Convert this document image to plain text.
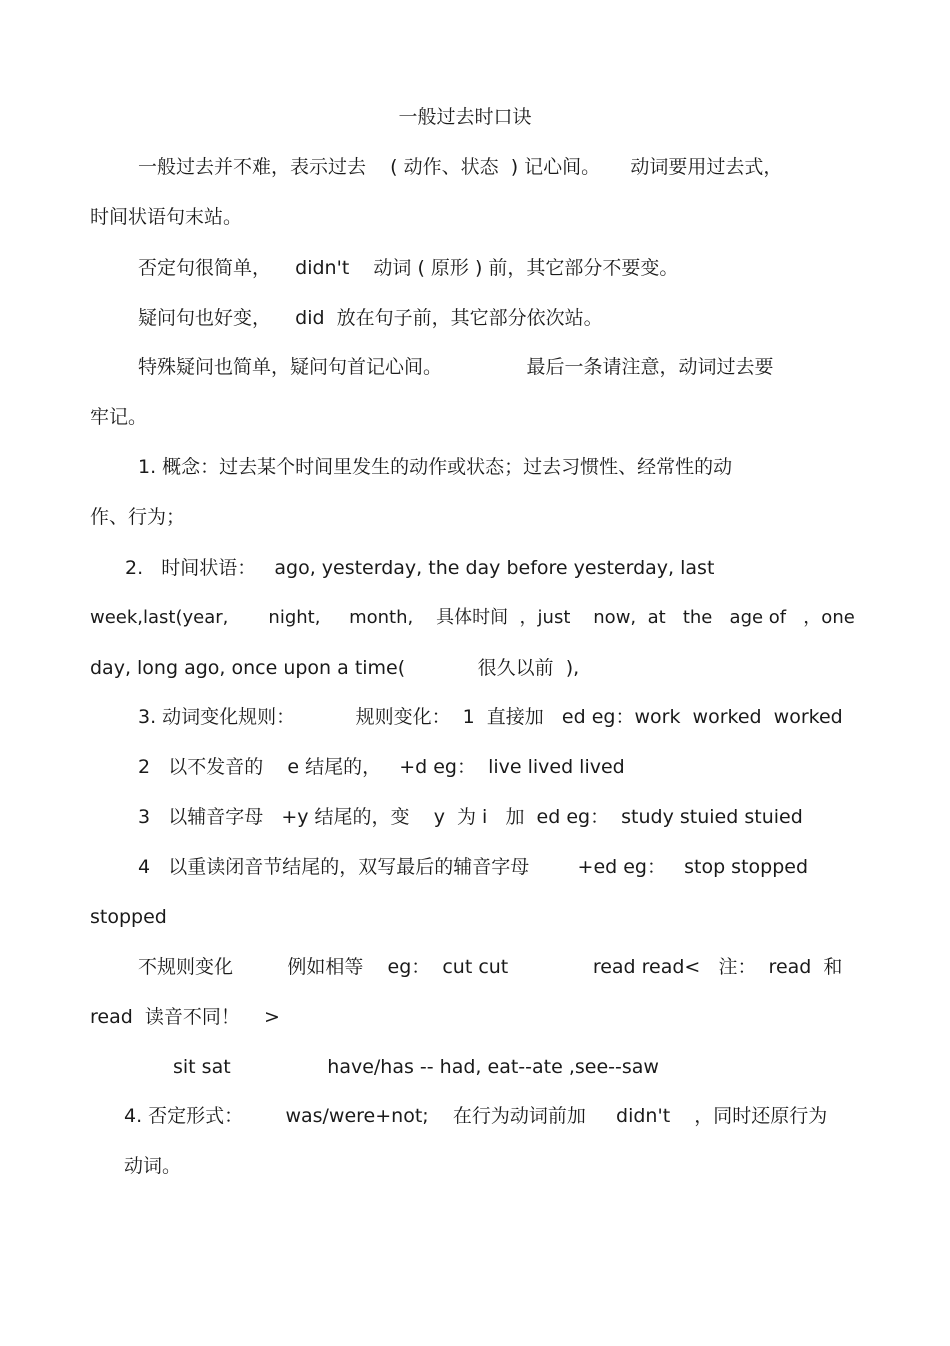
一般过去时口诀
一般过去并不难，表示过去    ( 动作、状态  ) 记心间。     动词要用过去式，
时间状语句末站。
否定句很简单，    didn't    动词 ( 原形 ) 前，其它部分不要变。
疑问句也好变，    did  放在句子前，其它部分依次站。
特殊疑问也简单，疑问句首记心间。              最后一条请注意，动词过去要
牢记。
1. 概念：过去某个时间里发生的动作或状态；过去习惯性、经常性的动
作、行为；
2.   时间状语：   ago, yesterday, the day before yesterday, last
week,last(year,       night,     month,    具体时间  ，just    now,  at   the   age of   ，one
day, long ago, once upon a time(            很久以前  ),
3. 动词变化规则：          规则变化：  1  直接加   ed eg：work  worked  worked
2   以不发音的    e 结尾的，   +d eg：  live lived lived
3   以辅音字母   +y 结尾的，变    y  为 i   加  ed eg：  study stuied stuied
4   以重读闭音节结尾的，双写最后的辅音字母        +ed eg：   stop stopped
stopped
不规则变化         例如相等    eg：  cut cut              read read<   注：  read  和
read  读音不同！    >
sit sat                have/has -- had, eat--ate ,see--saw
4. 否定形式：       was/were+not;    在行为动词前加     didn't    ，同时还原行为
动词。
